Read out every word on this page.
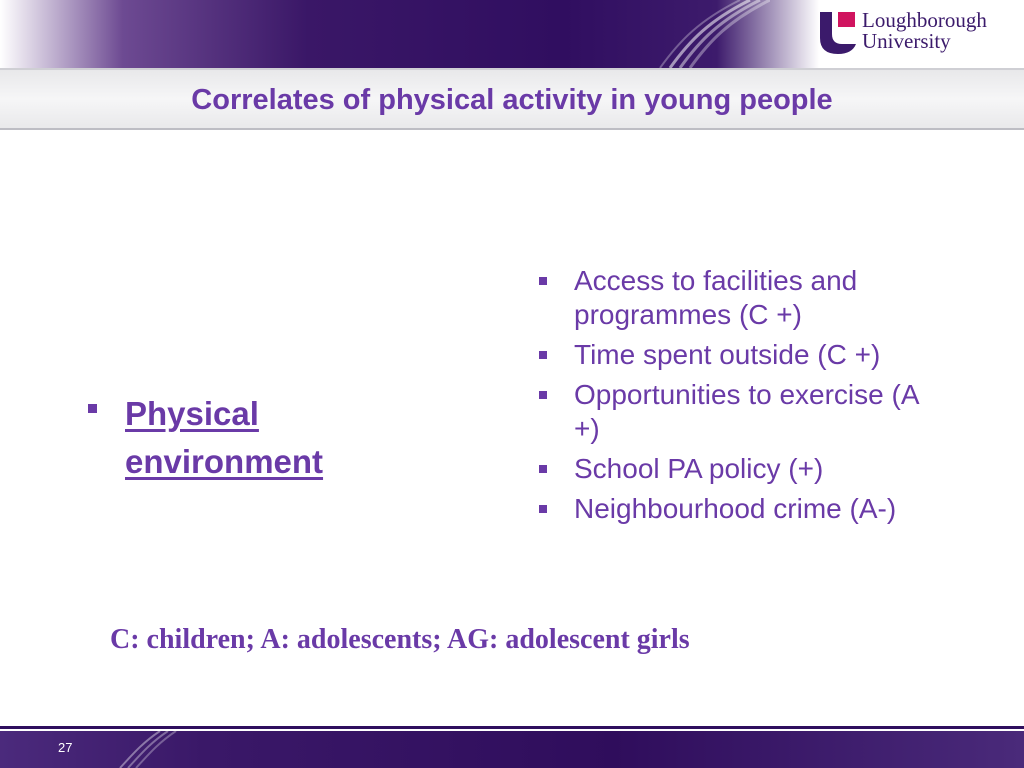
Loughborough
University
Correlates of physical activity in young people
Physical environment
Access to facilities and programmes (C +)
Time spent outside (C +)
Opportunities to exercise (A +)
School PA policy (+)
Neighbourhood crime (A-)
C: children; A: adolescents; AG: adolescent girls
27
